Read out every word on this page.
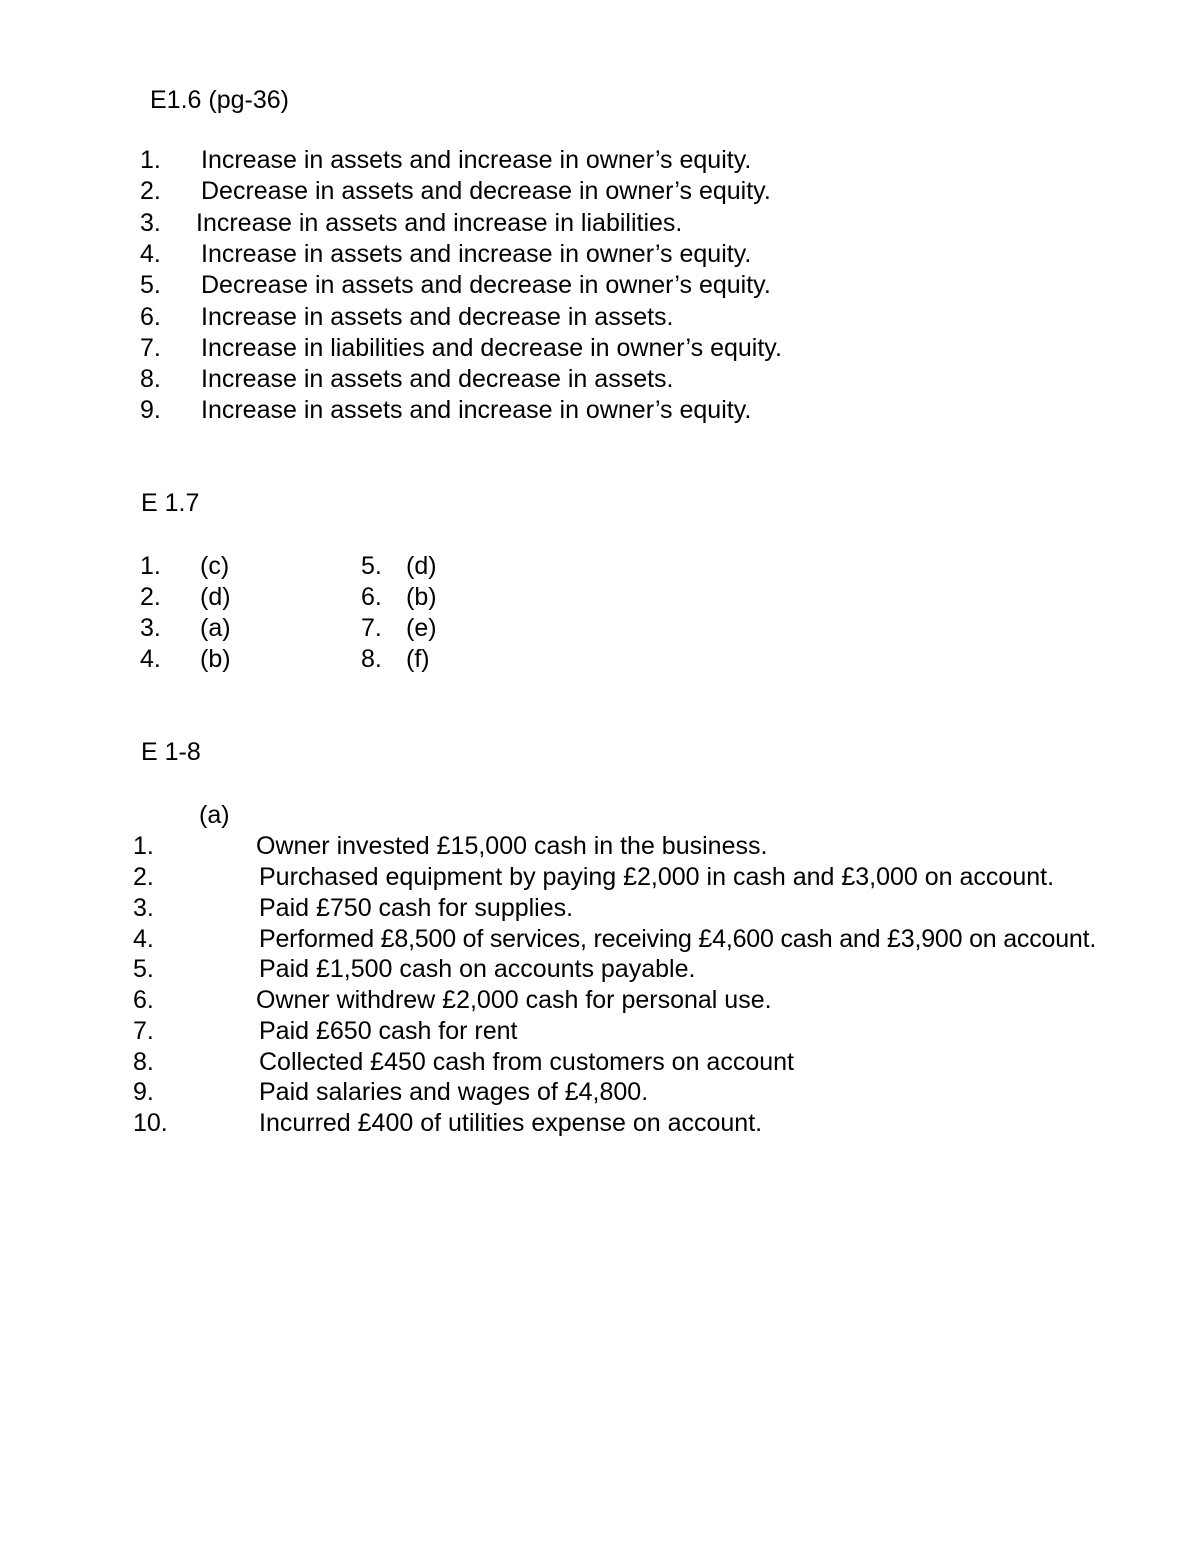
E1.6 (pg-36)
1. Increase in assets and increase in owner’s equity.
2. Decrease in assets and decrease in owner’s equity.
3. Increase in assets and increase in liabilities.
4. Increase in assets and increase in owner’s equity.
5. Decrease in assets and decrease in owner’s equity.
6. Increase in assets and decrease in assets.
7. Increase in liabilities and decrease in owner’s equity.
8. Increase in assets and decrease in assets.
9. Increase in assets and increase in owner’s equity.
E 1.7
1. (c)	5. (d)
2. (d)	6. (b)
3. (a)	7. (e)
4. (b)	8. (f)
E 1-8
(a)
1.	Owner invested £15,000 cash in the business.
2.	Purchased equipment by paying £2,000 in cash and £3,000 on account.
3.	Paid £750 cash for supplies.
4.	Performed £8,500 of services, receiving £4,600 cash and £3,900 on account.
5.	Paid £1,500 cash on accounts payable.
6.	Owner withdrew £2,000 cash for personal use.
7.	Paid £650 cash for rent
8.	Collected £450 cash from customers on account
9.	Paid salaries and wages of £4,800.
10.	Incurred £400 of utilities expense on account.
